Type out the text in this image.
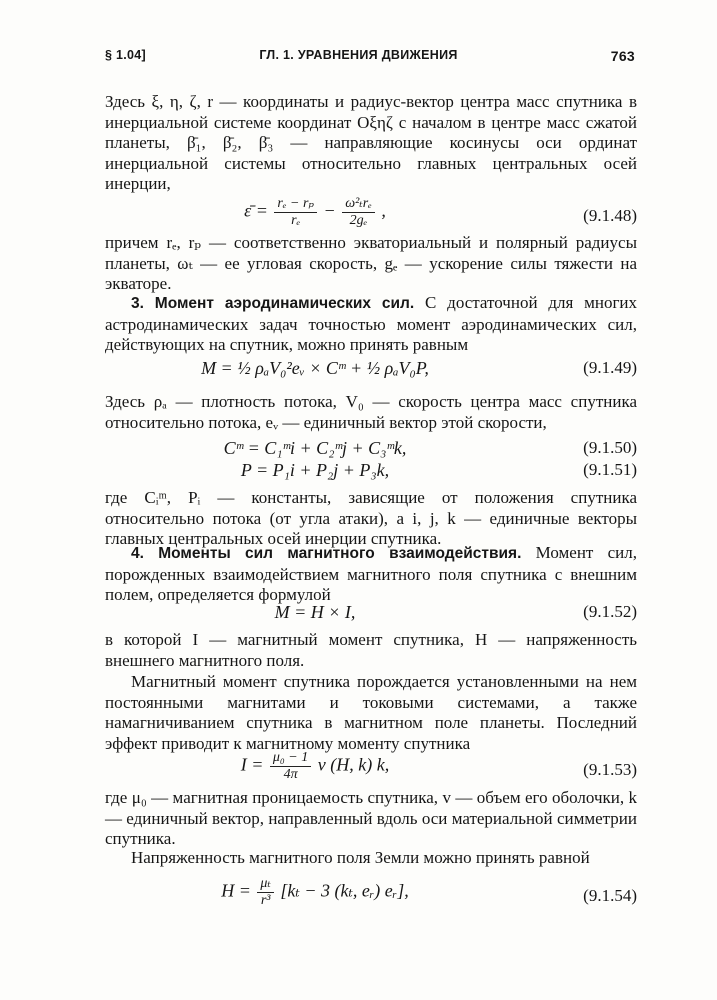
§ 1.04]	ГЛ. 1. УРАВНЕНИЯ ДВИЖЕНИЯ	763
Здесь ξ, η, ζ, r — координаты и радиус-вектор центра масс спутника в инерциальной системе координат Oξηζ с началом в центре масс сжатой планеты, β̄₁, β̄₂, β̄₃ — направляющие косинусы оси ординат инерциальной системы относительно главных центральных осей инерции,
ε̄ = $\frac{\text{rₑ − rₚ}}{\text{rₑ}} - \frac{\text{ω²ₜrₑ}}{\text{2gₑ}}$ ,	(9.1.48)
причем rₑ, rₚ — соответственно экваториальный и полярный радиусы планеты, ωₜ — ее угловая скорость, gₑ — ускорение силы тяжести на экваторе.
3. Момент аэродинамических сил. С достаточной для многих астродинамических задач точностью момент аэродинамических сил, действующих на спутник, можно принять равным
M = ½ ρₐV₀²eᵥ × Cᵐ + ½ ρₐV₀P,	(9.1.49)
Здесь ρₐ — плотность потока, V₀ — скорость центра масс спутника относительно потока, eᵥ — единичный вектор этой скорости,
Cᵐ = C₁ᵐi + C₂ᵐj + C₃ᵐk,	(9.1.50)
P = P₁i + P₂j + P₃k,	(9.1.51)
где Cᵢᵐ, Pᵢ — константы, зависящие от положения спутника относительно потока (от угла атаки), а i, j, k — единичные векторы главных центральных осей инерции спутника.
4. Моменты сил магнитного взаимодействия. Момент сил, порожденных взаимодействием магнитного поля спутника с внешним полем, определяется формулой
M = H × I,	(9.1.52)
в которой I — магнитный момент спутника, H — напряженность внешнего магнитного поля.
Магнитный момент спутника порождается установленными на нем постоянными магнитами и токовыми системами, а также намагничиванием спутника в магнитном поле планеты. Последний эффект приводит к магнитному моменту спутника
$I = \frac{\text{μ₀ − 1}}{4\pi}$ v (H, k) k,	(9.1.53)
где μ₀ — магнитная проницаемость спутника, v — объем его оболочки, k — единичный вектор, направленный вдоль оси материальной симметрии спутника.
Напряженность магнитного поля Земли можно принять равной
$H = \frac{\text{μₜ}}{\text{r³}} [k_t - 3$ (kₜ, eᵣ) eᵣ],	(9.1.54)
